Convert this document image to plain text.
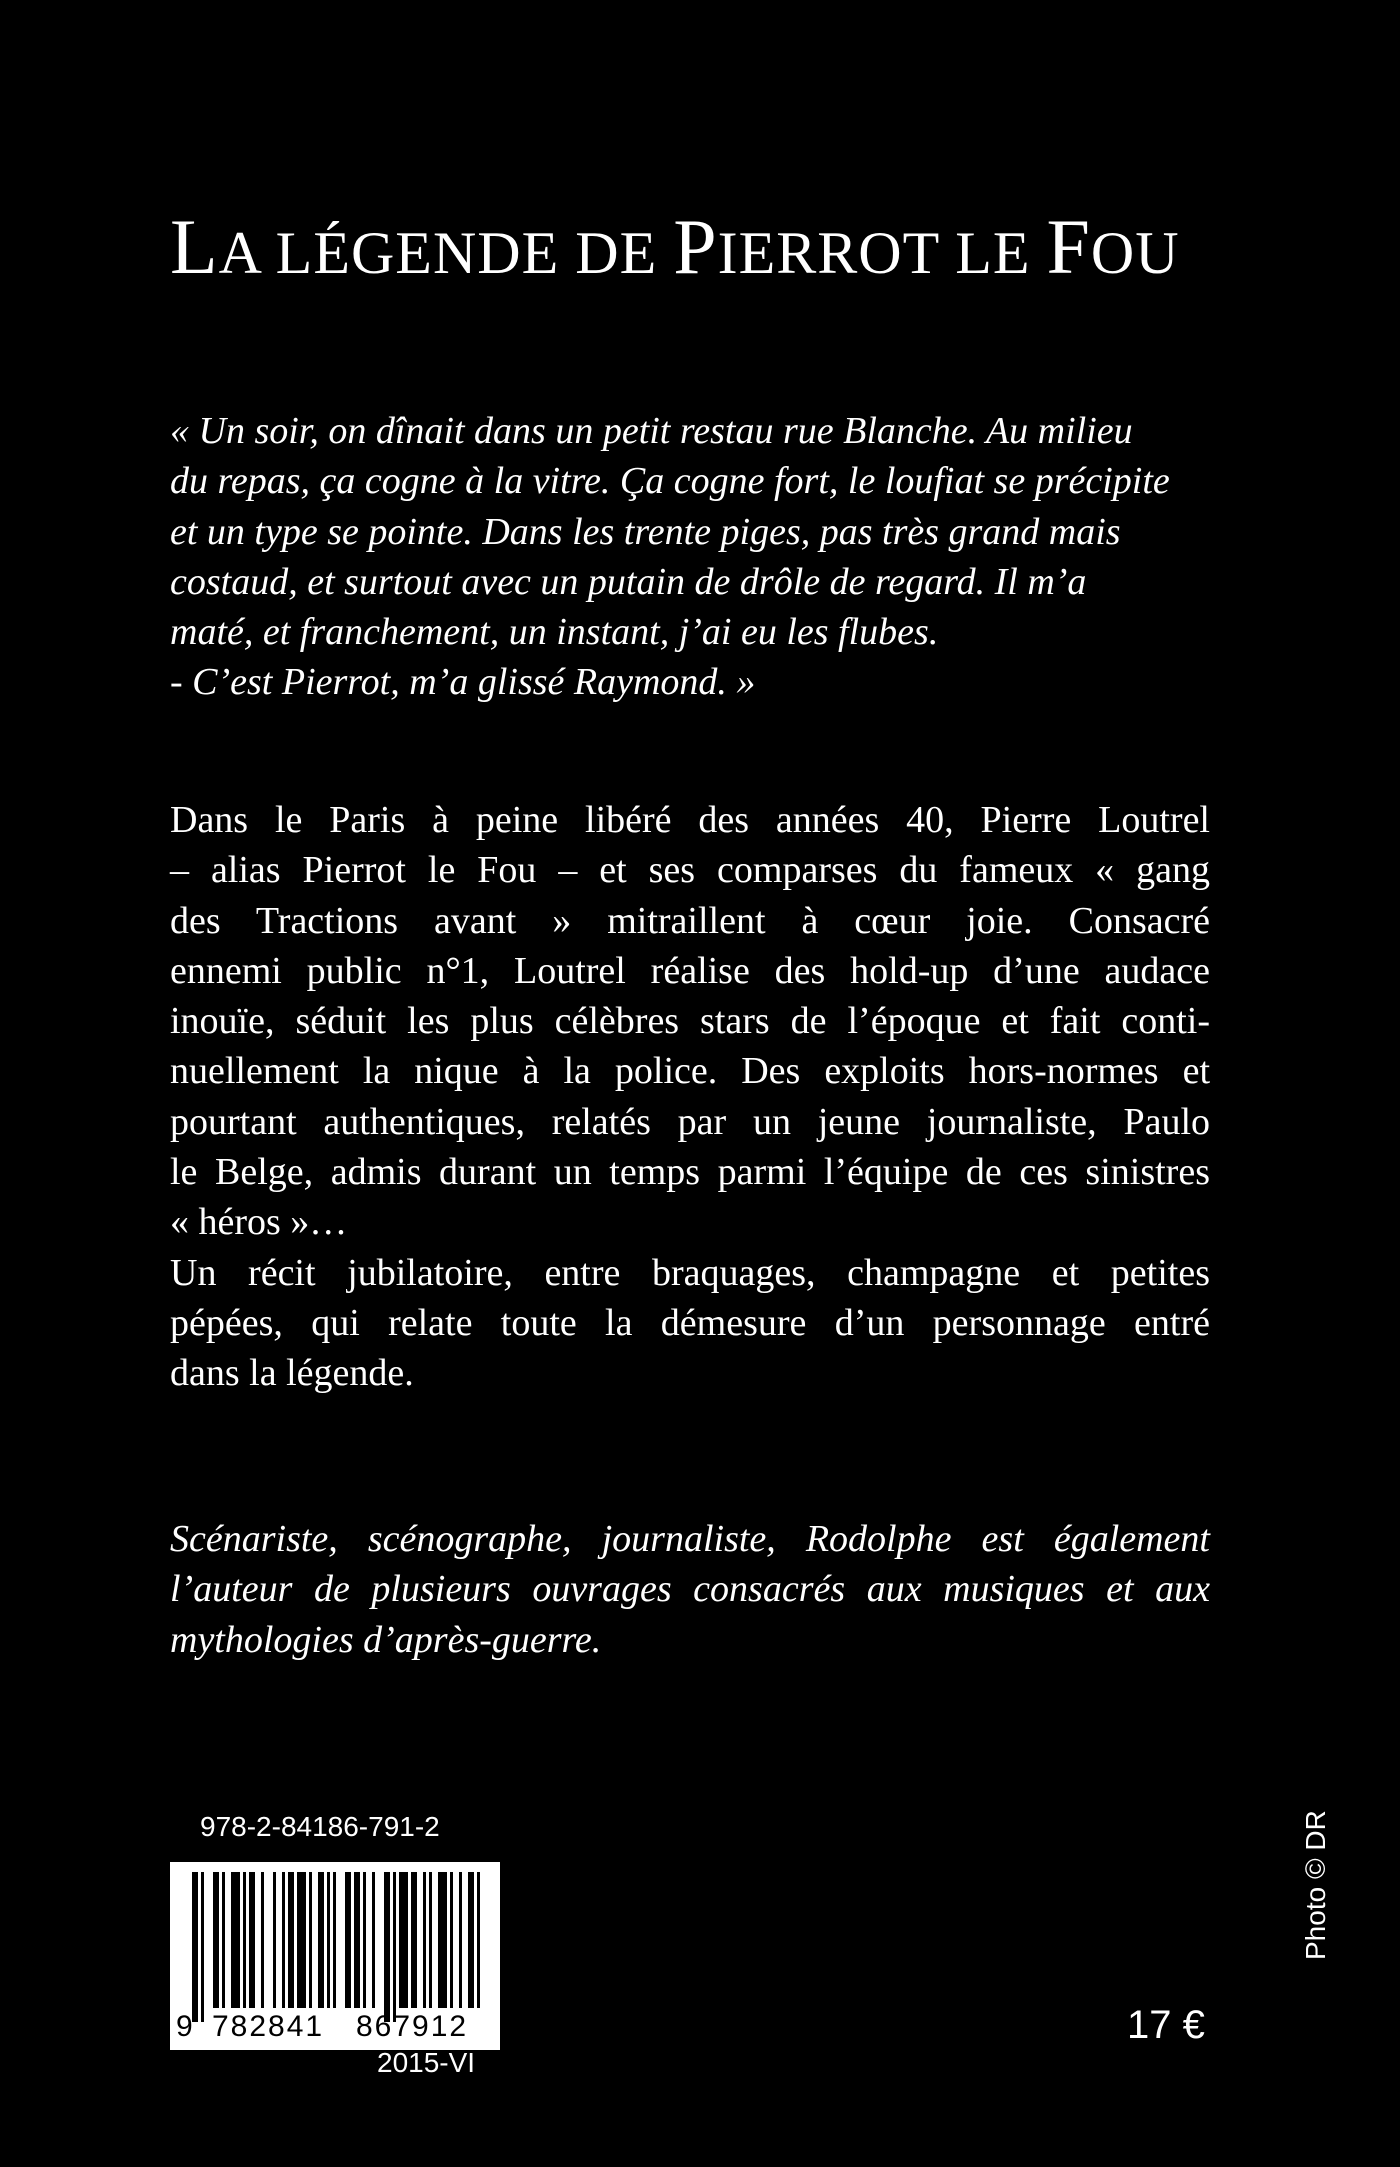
LA LÉGENDE DE PIERROT LE FOU

« Un soir, on dînait dans un petit restau rue Blanche. Au milieu
du repas, ça cogne à la vitre. Ça cogne fort, le loufiat se précipite
et un type se pointe. Dans les trente piges, pas très grand mais
costaud, et surtout avec un putain de drôle de regard. Il m’a
maté, et franchement, un instant, j’ai eu les flubes.
- C’est Pierrot, m’a glissé Raymond. »

Dans le Paris à peine libéré des années 40, Pierre Loutrel
– alias Pierrot le Fou – et ses comparses du fameux « gang
des Tractions avant » mitraillent à cœur joie. Consacré
ennemi public n°1, Loutrel réalise des hold-up d’une audace
inouïe, séduit les plus célèbres stars de l’époque et fait conti-
nuellement la nique à la police. Des exploits hors-normes et
pourtant authentiques, relatés par un jeune journaliste, Paulo
le Belge, admis durant un temps parmi l’équipe de ces sinistres
« héros »…
Un récit jubilatoire, entre braquages, champagne et petites
pépées, qui relate toute la démesure d’un personnage entré
dans la légende.

Scénariste, scénographe, journaliste, Rodolphe est également
l’auteur de plusieurs ouvrages consacrés aux musiques et aux
mythologies d’après-guerre.

978-2-84186-791-2
9 782841 867912
2015-VI
17 €
Photo © DR
